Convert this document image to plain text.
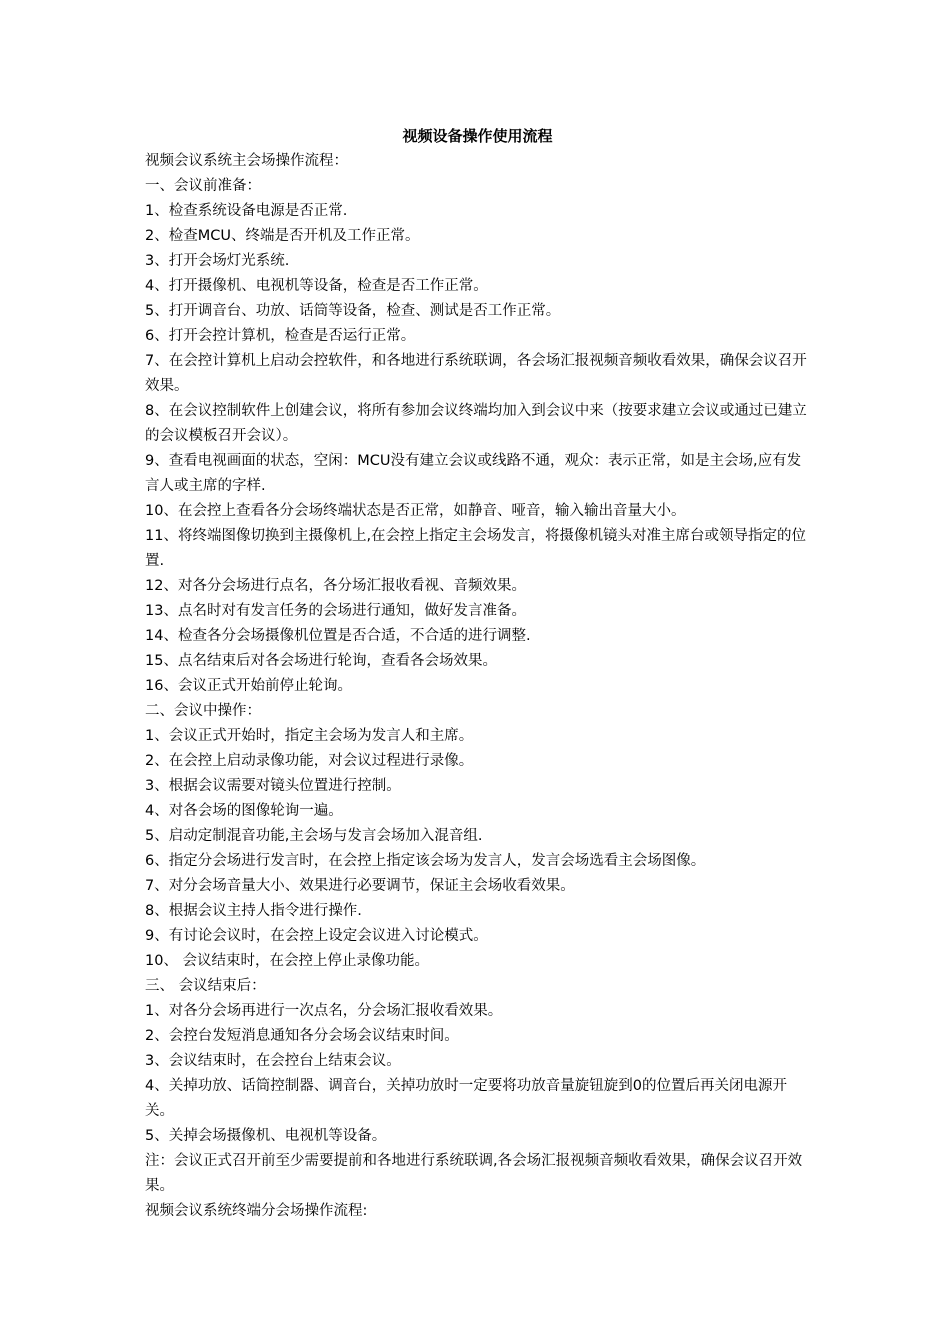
视频设备操作使用流程
视频会议系统主会场操作流程：
一、会议前准备：
1、检查系统设备电源是否正常.
2、检查MCU、终端是否开机及工作正常。
3、打开会场灯光系统.
4、打开摄像机、电视机等设备，检查是否工作正常。
5、打开调音台、功放、话筒等设备，检查、测试是否工作正常。
6、打开会控计算机，检查是否运行正常。
7、在会控计算机上启动会控软件，和各地进行系统联调，各会场汇报视频音频收看效果，确保会议召开效果。
8、在会议控制软件上创建会议，将所有参加会议终端均加入到会议中来（按要求建立会议或通过已建立的会议模板召开会议）。
9、查看电视画面的状态，空闲：MCU没有建立会议或线路不通，观众：表示正常，如是主会场,应有发言人或主席的字样.
10、在会控上查看各分会场终端状态是否正常，如静音、哑音，输入输出音量大小。
11、将终端图像切换到主摄像机上,在会控上指定主会场发言，将摄像机镜头对准主席台或领导指定的位置.
12、对各分会场进行点名，各分场汇报收看视、音频效果。
13、点名时对有发言任务的会场进行通知，做好发言准备。
14、检查各分会场摄像机位置是否合适，不合适的进行调整.
15、点名结束后对各会场进行轮询，查看各会场效果。
16、会议正式开始前停止轮询。
二、会议中操作：
1、会议正式开始时，指定主会场为发言人和主席。
2、在会控上启动录像功能，对会议过程进行录像。
3、根据会议需要对镜头位置进行控制。
4、对各会场的图像轮询一遍。
5、启动定制混音功能,主会场与发言会场加入混音组.
6、指定分会场进行发言时，在会控上指定该会场为发言人，发言会场选看主会场图像。
7、对分会场音量大小、效果进行必要调节，保证主会场收看效果。
8、根据会议主持人指令进行操作.
9、有讨论会议时，在会控上设定会议进入讨论模式。
10、 会议结束时，在会控上停止录像功能。
三、 会议结束后：
1、对各分会场再进行一次点名，分会场汇报收看效果。
2、会控台发短消息通知各分会场会议结束时间。
3、会议结束时，在会控台上结束会议。
4、关掉功放、话筒控制器、调音台，关掉功放时一定要将功放音量旋钮旋到0的位置后再关闭电源开关。
5、关掉会场摄像机、电视机等设备。
注：会议正式召开前至少需要提前和各地进行系统联调,各会场汇报视频音频收看效果，确保会议召开效果。
视频会议系统终端分会场操作流程:
